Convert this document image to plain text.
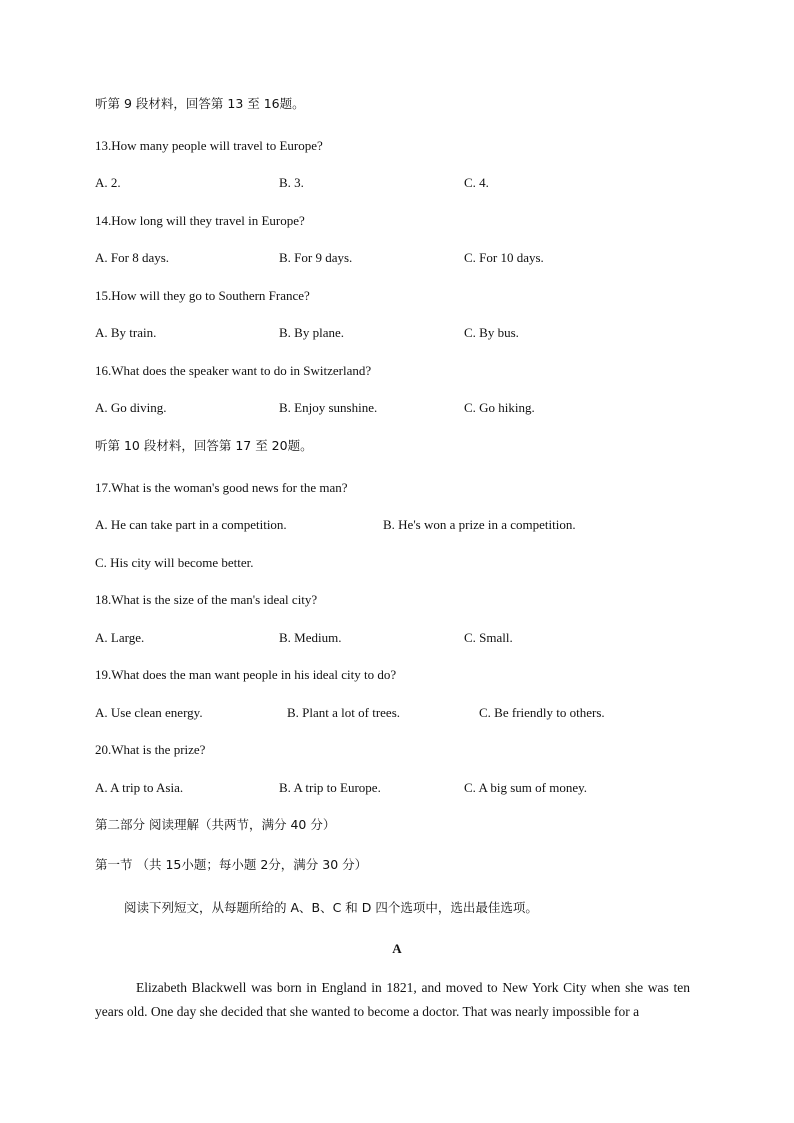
听第 9 段材料，回答第 13 至 16题。
13.How many people will travel to Europe?
A. 2.	B. 3.	C. 4.
14.How long will they travel in Europe?
A. For 8 days.	B. For 9 days.	C. For 10 days.
15.How will they go to Southern France?
A. By train.	B. By plane.	C. By bus.
16.What does the speaker want to do in Switzerland?
A. Go diving.	B. Enjoy sunshine.	C. Go hiking.
听第 10 段材料，回答第 17 至 20题。
17.What is the woman's good news for the man?
A. He can take part in a competition.	B. He's won a prize in a competition.
C. His city will become better.
18.What is the size of the man's ideal city?
A. Large.	B. Medium.	C. Small.
19.What does the man want people in his ideal city to do?
A. Use clean energy.	B. Plant a lot of trees.	C. Be friendly to others.
20.What is the prize?
A. A trip to Asia.	B. A trip to Europe.	C. A big sum of money.
第二部分 阅读理解（共两节，满分 40 分）
第一节 （共 15小题；每小题 2分，满分 30 分）
阅读下列短文，从每题所给的 A、B、C 和 D 四个选项中，选出最佳选项。
A
Elizabeth Blackwell was born in England in 1821, and moved to New York City when she was ten years old. One day she decided that she wanted to become a doctor. That was nearly impossible for a
